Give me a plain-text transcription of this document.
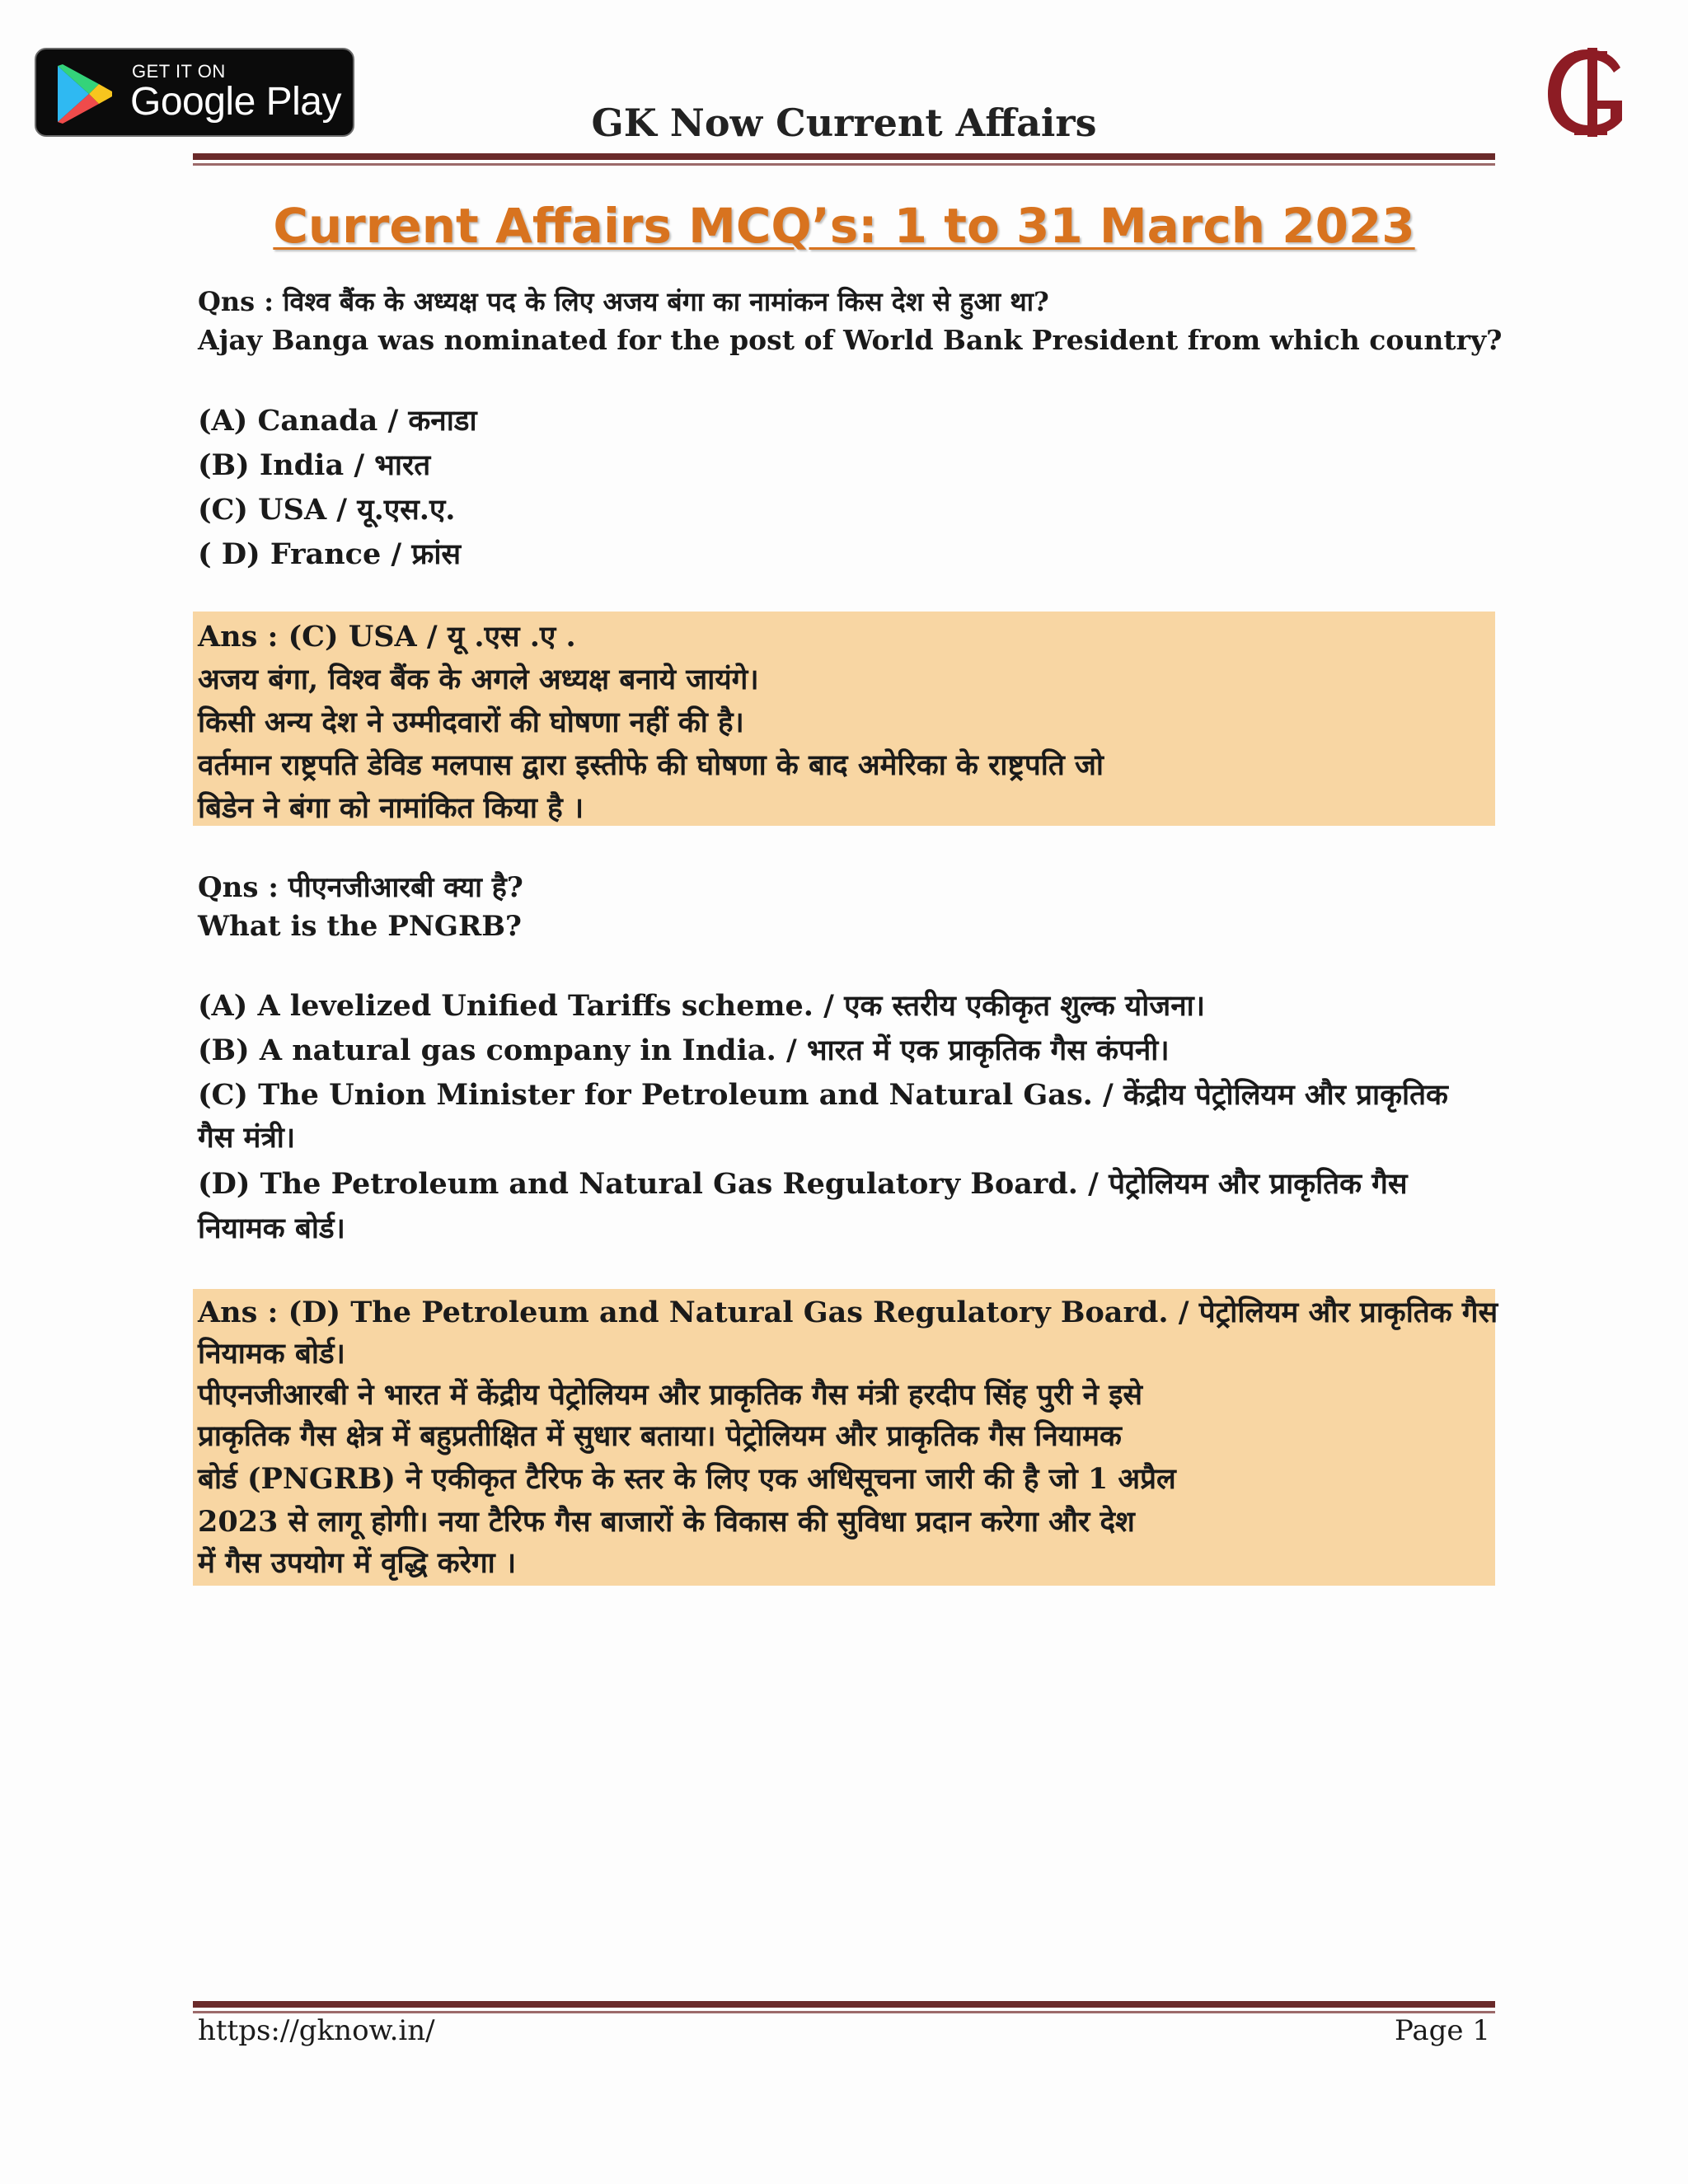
GET IT ON
Google Play	GK Now Current Affairs
Current Affairs MCQ’s: 1 to 31 March 2023
Qns : विश्व बैंक के अध्यक्ष पद के लिए अजय बंगा का नामांकन किस देश से हुआ था?
Ajay Banga was nominated for the post of World Bank President from which country?
(A) Canada / कनाडा
(B) India / भारत
(C) USA / यू.एस.ए.
( D) France / फ्रांस
Ans : (C) USA / यू .एस .ए .
अजय बंगा, विश्व बैंक के अगले अध्यक्ष बनाये जायंगे।
किसी अन्य देश ने उम्मीदवारों की घोषणा नहीं की है।
वर्तमान राष्ट्रपति डेविड मलपास द्वारा इस्तीफे की घोषणा के बाद अमेरिका के राष्ट्रपति जो
बिडेन ने बंगा को नामांकित किया है ।
Qns : पीएनजीआरबी क्या है?
What is the PNGRB?
(A) A levelized Unified Tariffs scheme. / एक स्तरीय एकीकृत शुल्क योजना।
(B) A natural gas company in India. / भारत में एक प्राकृतिक गैस कंपनी।
(C) The Union Minister for Petroleum and Natural Gas. / केंद्रीय पेट्रोलियम और प्राकृतिक
गैस मंत्री।
(D) The Petroleum and Natural Gas Regulatory Board. / पेट्रोलियम और प्राकृतिक गैस
नियामक बोर्ड।
Ans : (D) The Petroleum and Natural Gas Regulatory Board. / पेट्रोलियम और प्राकृतिक गैस
नियामक बोर्ड।
पीएनजीआरबी ने भारत में केंद्रीय पेट्रोलियम और प्राकृतिक गैस मंत्री हरदीप सिंह पुरी ने इसे
प्राकृतिक गैस क्षेत्र में बहुप्रतीक्षित में सुधार बताया। पेट्रोलियम और प्राकृतिक गैस नियामक
बोर्ड (PNGRB) ने एकीकृत टैरिफ के स्तर के लिए एक अधिसूचना जारी की है जो 1 अप्रैल
2023 से लागू होगी। नया टैरिफ गैस बाजारों के विकास की सुविधा प्रदान करेगा और देश
में गैस उपयोग में वृद्धि करेगा ।
https://gknow.in/	Page 1
